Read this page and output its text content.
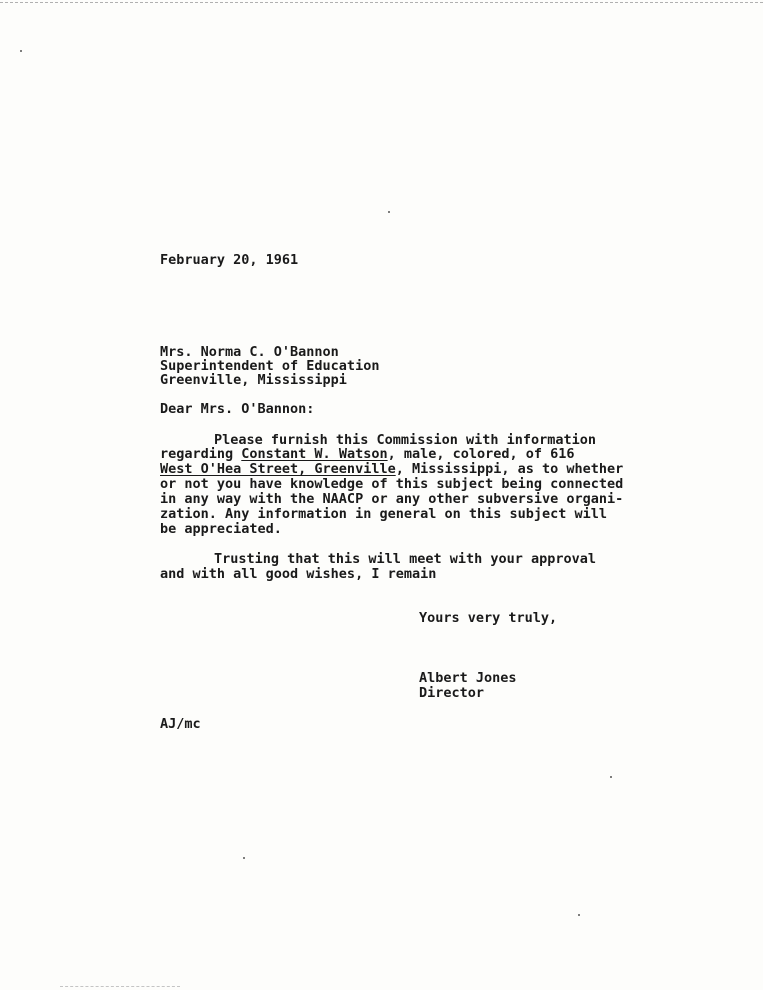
February 20, 1961
Mrs. Norma C. O'Bannon
Superintendent of Education
Greenville, Mississippi
Dear Mrs. O'Bannon:
Please furnish this Commission with information
regarding Constant W. Watson, male, colored, of 616
West O'Hea Street, Greenville, Mississippi, as to whether
or not you have knowledge of this subject being connected
in any way with the NAACP or any other subversive organi-
zation. Any information in general on this subject will
be appreciated.
Trusting that this will meet with your approval
and with all good wishes, I remain
Yours very truly,
Albert Jones
Director
AJ/mc
